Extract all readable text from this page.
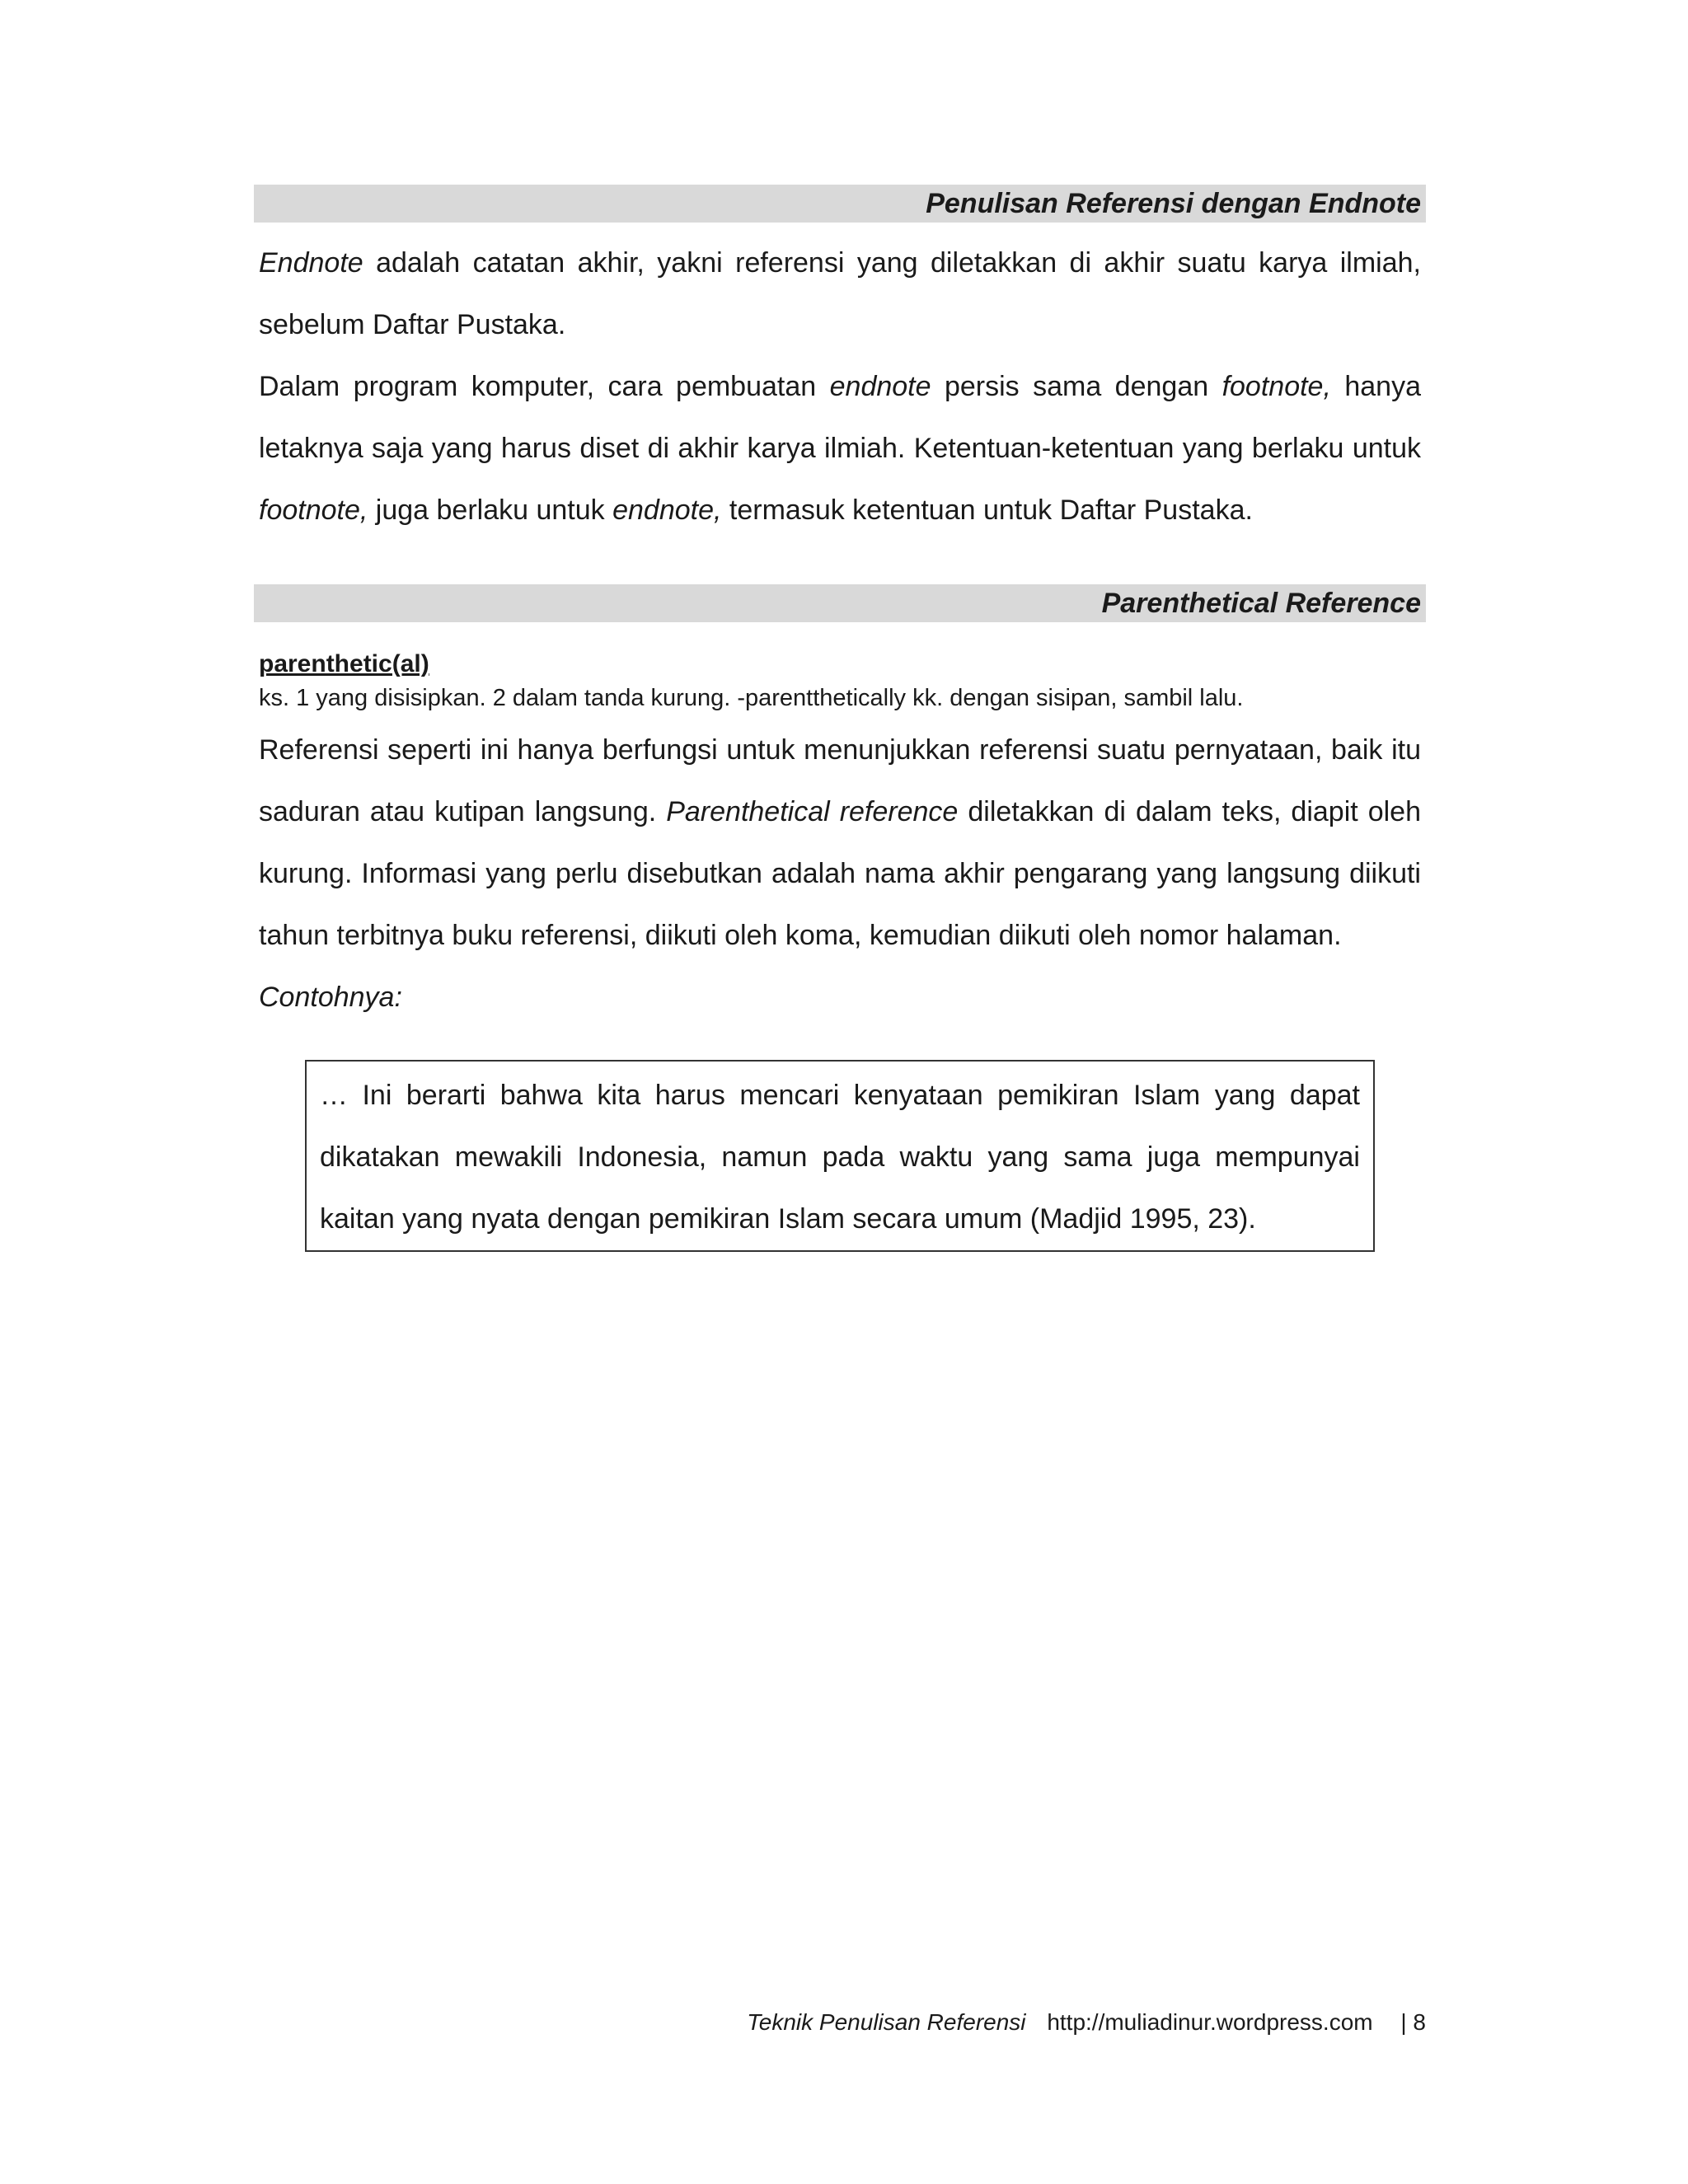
Penulisan Referensi dengan Endnote

Endnote adalah catatan akhir, yakni referensi yang diletakkan di akhir suatu karya ilmiah, sebelum Daftar Pustaka.

Dalam program komputer, cara pembuatan endnote persis sama dengan footnote, hanya letaknya saja yang harus diset di akhir karya ilmiah. Ketentuan-ketentuan yang berlaku untuk footnote, juga berlaku untuk endnote, termasuk ketentuan untuk Daftar Pustaka.

Parenthetical Reference
parenthetic(al)
ks. 1 yang disisipkan. 2 dalam tanda kurung. -parentthetically kk. dengan sisipan, sambil lalu.

Referensi seperti ini hanya berfungsi untuk menunjukkan referensi suatu pernyataan, baik itu saduran atau kutipan langsung. Parenthetical reference diletakkan di dalam teks, diapit oleh kurung. Informasi yang perlu disebutkan adalah nama akhir pengarang yang langsung diikuti tahun terbitnya buku referensi, diikuti oleh koma, kemudian diikuti oleh nomor halaman.

Contohnya:

… Ini berarti bahwa kita harus mencari kenyataan pemikiran Islam yang dapat dikatakan mewakili Indonesia, namun pada waktu yang sama juga mempunyai kaitan yang nyata dengan pemikiran Islam secara umum (Madjid 1995, 23).

Teknik Penulisan Referensi http://muliadinur.wordpress.com | 8
